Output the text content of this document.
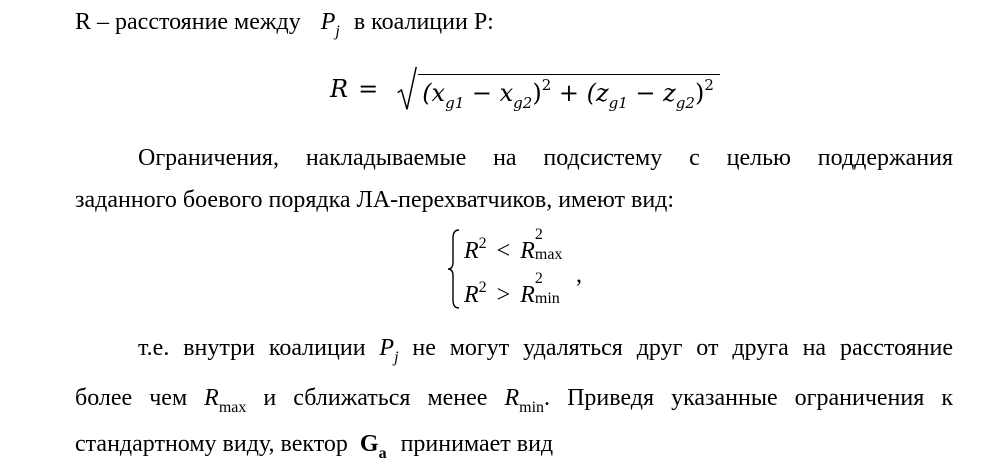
R – расстояние между $P_j$ в коалиции P:
$R = (x_{g1} - x_{g2})^2 + (z_{g1} - z_{g2})^2$
Ограничения, накладываемые на подсистему с целью поддержания
заданного боевого порядка ЛА-перехватчиков, имеют вид:
$R^2 < R$
2
max
$R^2 > R$
2
min
,
т.е. внутри коалиции $P_j$ не могут удаляться друг от друга на расстояние
более чем $R_{max}$ и сближаться менее $R_{min}$. Приведя указанные ограничения к
стандартному виду, вектор $G_a$ принимает вид
